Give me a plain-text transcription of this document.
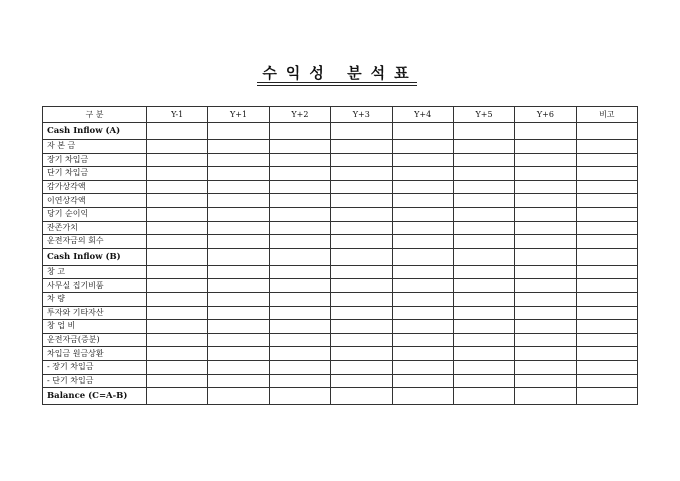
수익성 분석표
구 분	Y-1	Y+1	Y+2	Y+3	Y+4	Y+5	Y+6	비고
Cash Inflow (A)								
자 본 금								
장기 차입금								
단기 차입금								
감가상각액								
이연상각액								
당기 순이익								
잔존가치								
운전자금의 회수								
Cash Inflow (B)								
창 고								
사무실 집기비품								
차 량								
투자와 기타자산								
창 업 비								
운전자금(증분)								
차입금 원금상환								
- 장기 차입금								
- 단기 차입금								
Balance (C=A-B)								
